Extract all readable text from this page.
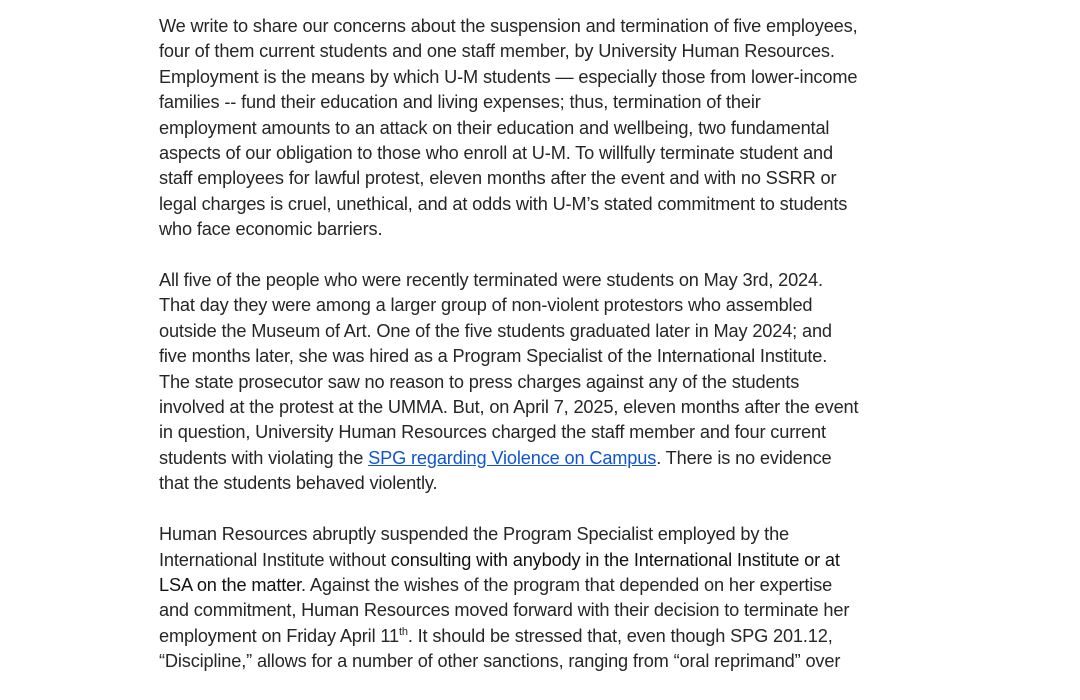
We write to share our concerns about the suspension and termination of five employees,
four of them current students and one staff member, by University Human Resources.
Employment is the means by which U-M students — especially those from lower-income
families -- fund their education and living expenses; thus, termination of their
employment amounts to an attack on their education and wellbeing, two fundamental
aspects of our obligation to those who enroll at U-M. To willfully terminate student and
staff employees for lawful protest, eleven months after the event and with no SSRR or
legal charges is cruel, unethical, and at odds with U-M’s stated commitment to students
who face economic barriers.

All five of the people who were recently terminated were students on May 3rd, 2024.
That day they were among a larger group of non-violent protestors who assembled
outside the Museum of Art. One of the five students graduated later in May 2024; and
five months later, she was hired as a Program Specialist of the International Institute.
The state prosecutor saw no reason to press charges against any of the students
involved at the protest at the UMMA. But, on April 7, 2025, eleven months after the event
in question, University Human Resources charged the staff member and four current
students with violating the SPG regarding Violence on Campus. There is no evidence
that the students behaved violently.

Human Resources abruptly suspended the Program Specialist employed by the
International Institute without consulting with anybody in the International Institute or at
LSA on the matter. Against the wishes of the program that depended on her expertise
and commitment, Human Resources moved forward with their decision to terminate her
employment on Friday April 11th. It should be stressed that, even though SPG 201.12,
“Discipline,” allows for a number of other sanctions, ranging from “oral reprimand” over
